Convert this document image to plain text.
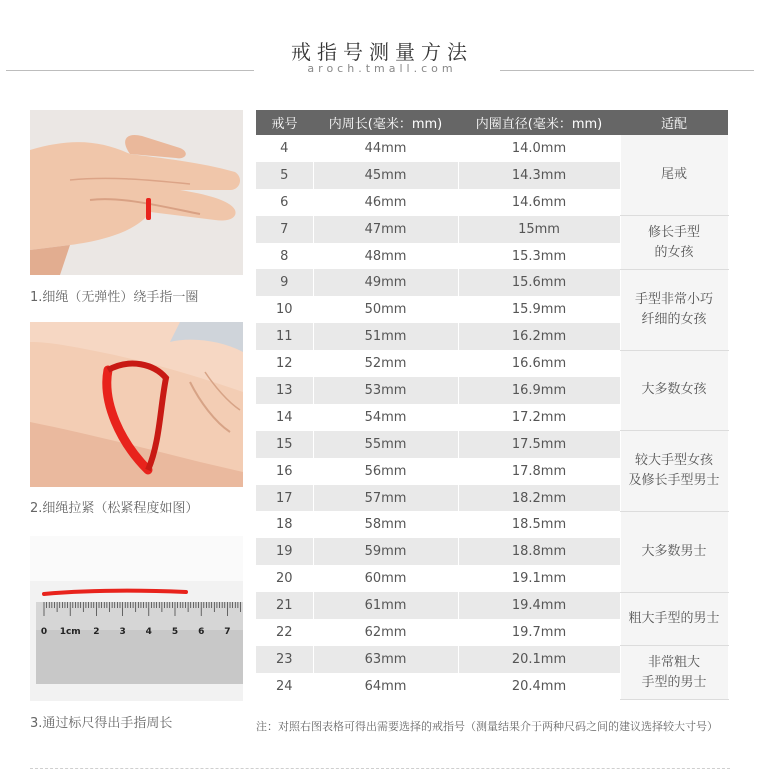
戒指号测量方法
aroch.tmall.com
1.细绳（无弹性）绕手指一圈
2.细绳拉紧（松紧程度如图）
0 1cm 2 3 4 5 6 7
3.通过标尺得出手指周长
戒号	内周长(毫米：mm)	内圈直径(毫米：mm)	适配
4	44mm	14.0mm	尾戒

5	45mm	14.3mm	
6	46mm	14.6mm	
7	47mm	15mm	修长手型
的女孩

8	48mm	15.3mm	
9	49mm	15.6mm	手型非常小巧
纤细的女孩

10	50mm	15.9mm	
11	51mm	16.2mm	
12	52mm	16.6mm	大多数女孩

13	53mm	16.9mm	
14	54mm	17.2mm	
15	55mm	17.5mm	较大手型女孩
及修长手型男士

16	56mm	17.8mm	
17	57mm	18.2mm	
18	58mm	18.5mm	大多数男士

19	59mm	18.8mm	
20	60mm	19.1mm	
21	61mm	19.4mm	粗大手型的男士

22	62mm	19.7mm	
23	63mm	20.1mm	非常粗大
手型的男士

24	64mm	20.4mm	
注：对照右图表格可得出需要选择的戒指号（测量结果介于两种尺码之间的建议选择较大寸号）
